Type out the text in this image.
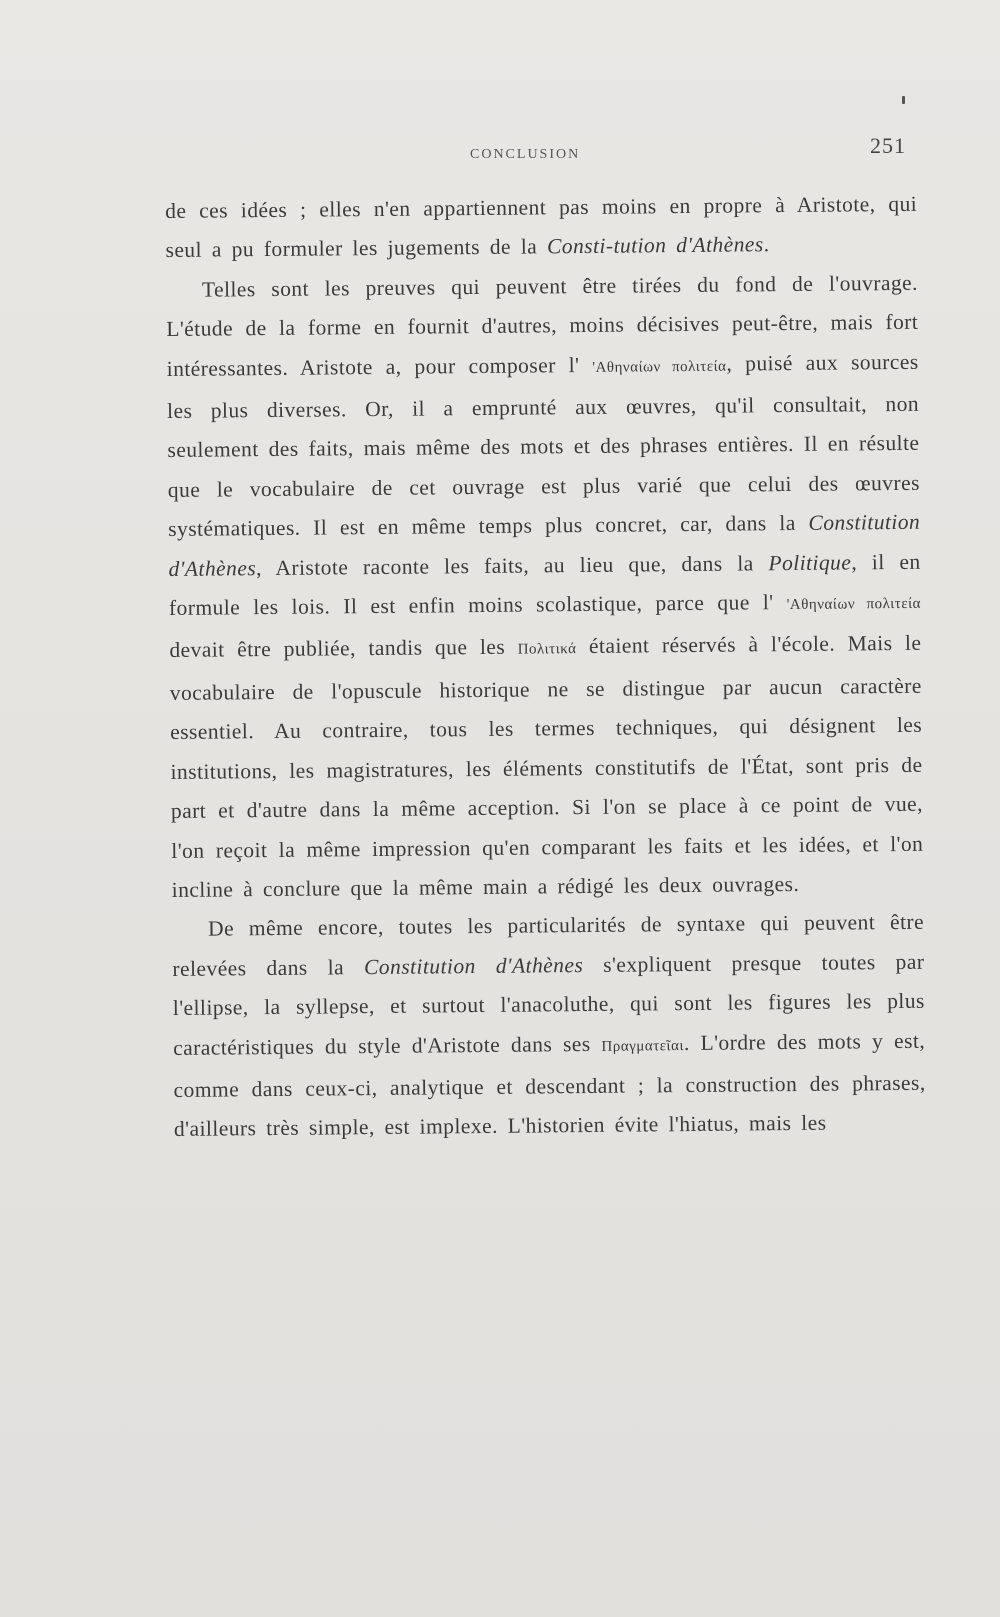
CONCLUSION	251

de ces idées ; elles n'en appartiennent pas moins en propre à Aristote, qui seul a pu formuler les jugements de la Consti-tution d'Athènes.

Telles sont les preuves qui peuvent être tirées du fond de l'ouvrage. L'étude de la forme en fournit d'autres, moins décisives peut-être, mais fort intéressantes. Aristote a, pour composer l' 'Αθηναίων πολιτεία, puisé aux sources les plus diverses. Or, il a emprunté aux œuvres, qu'il consultait, non seulement des faits, mais même des mots et des phrases entières. Il en résulte que le vocabulaire de cet ouvrage est plus varié que celui des œuvres systématiques. Il est en même temps plus concret, car, dans la Constitution d'Athènes, Aristote raconte les faits, au lieu que, dans la Politique, il en formule les lois. Il est enfin moins scolastique, parce que l' 'Αθηναίων πολιτεία devait être publiée, tandis que les Πολιτικά étaient réservés à l'école. Mais le vocabulaire de l'opuscule historique ne se distingue par aucun caractère essentiel. Au contraire, tous les termes techniques, qui désignent les institutions, les magistratures, les éléments constitutifs de l'État, sont pris de part et d'autre dans la même acception. Si l'on se place à ce point de vue, l'on reçoit la même impression qu'en comparant les faits et les idées, et l'on incline à conclure que la même main a rédigé les deux ouvrages.

De même encore, toutes les particularités de syntaxe qui peuvent être relevées dans la Constitution d'Athènes s'expliquent presque toutes par l'ellipse, la syllepse, et surtout l'anacoluthe, qui sont les figures les plus caractéristiques du style d'Aristote dans ses Πραγματεῖαι. L'ordre des mots y est, comme dans ceux-ci, analytique et descendant ; la construction des phrases, d'ailleurs très simple, est implexe. L'historien évite l'hiatus, mais les
